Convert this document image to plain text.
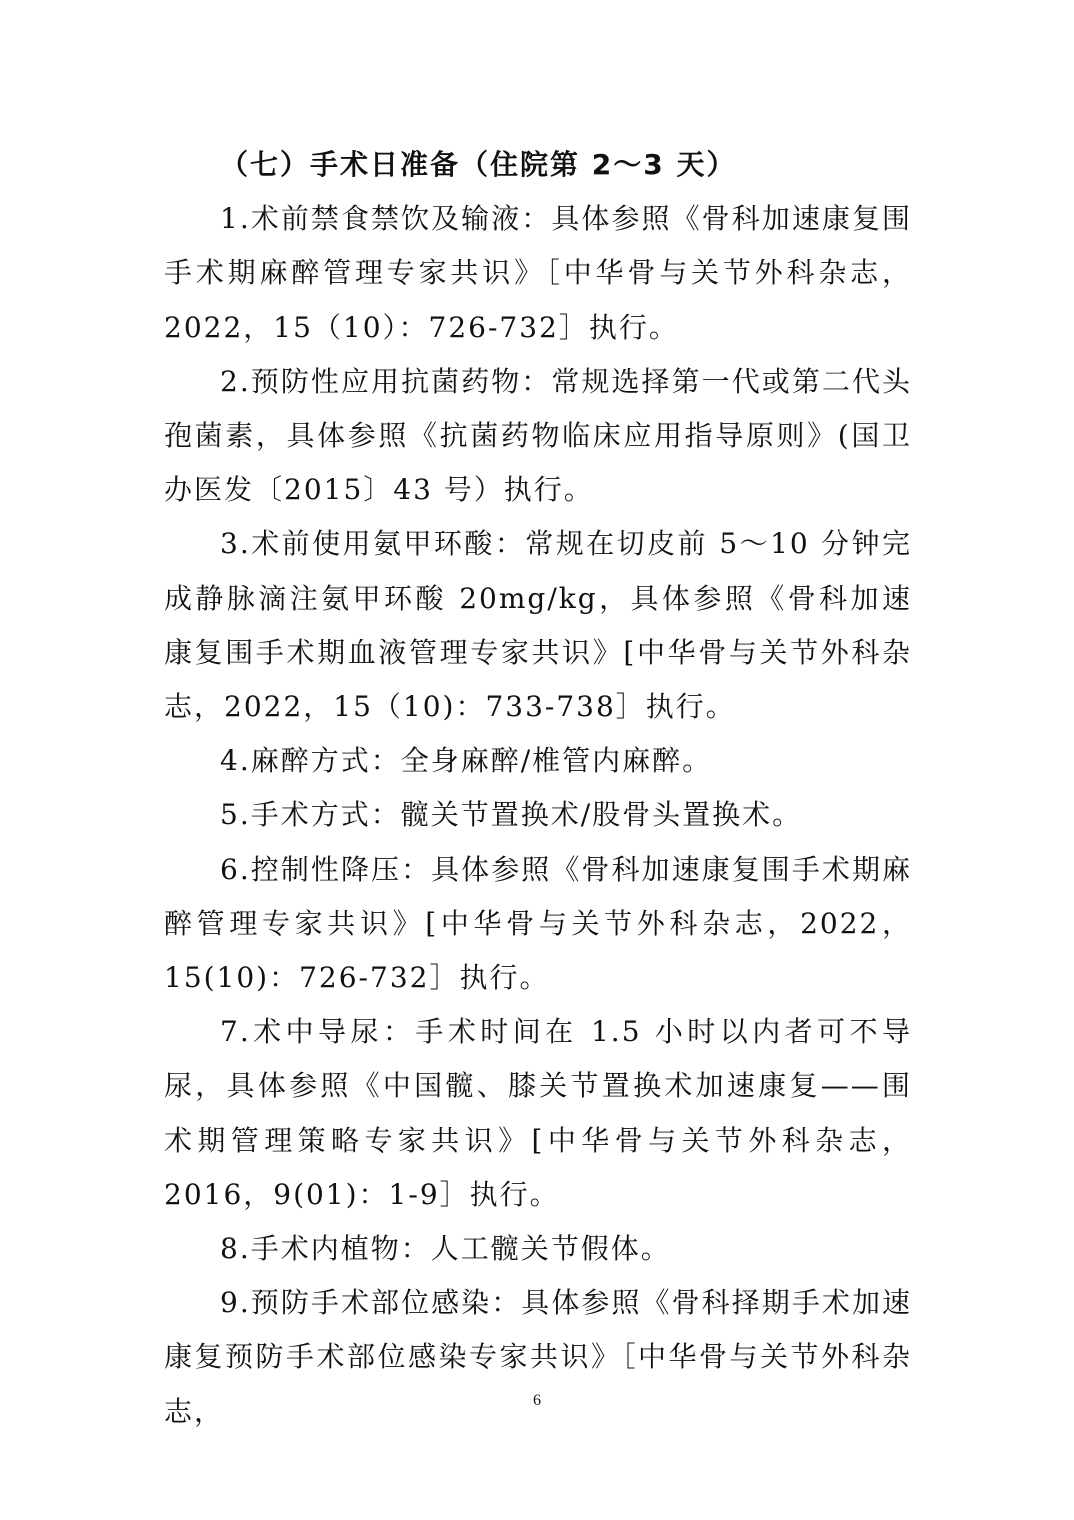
（七）手术日准备（住院第 2～3 天）

1.术前禁食禁饮及输液：具体参照《骨科加速康复围手术期麻醉管理专家共识》［中华骨与关节外科杂志，2022，15（10）：726-732］执行。

2.预防性应用抗菌药物：常规选择第一代或第二代头孢菌素，具体参照《抗菌药物临床应用指导原则》(国卫办医发〔2015〕43 号）执行。

3.术前使用氨甲环酸：常规在切皮前 5～10 分钟完成静脉滴注氨甲环酸 20mg/kg，具体参照《骨科加速康复围手术期血液管理专家共识》[中华骨与关节外科杂志，2022，15（10)：733-738］执行。

4.麻醉方式：全身麻醉/椎管内麻醉。

5.手术方式：髋关节置换术/股骨头置换术。

6.控制性降压：具体参照《骨科加速康复围手术期麻醉管理专家共识》[中华骨与关节外科杂志，2022，15(10)：726-732］执行。

7.术中导尿：手术时间在 1.5 小时以内者可不导尿，具体参照《中国髋、膝关节置换术加速康复——围术期管理策略专家共识》[中华骨与关节外科杂志，2016，9(01)：1-9］执行。

8.手术内植物：人工髋关节假体。

9.预防手术部位感染：具体参照《骨科择期手术加速康复预防手术部位感染专家共识》［中华骨与关节外科杂志，	6
